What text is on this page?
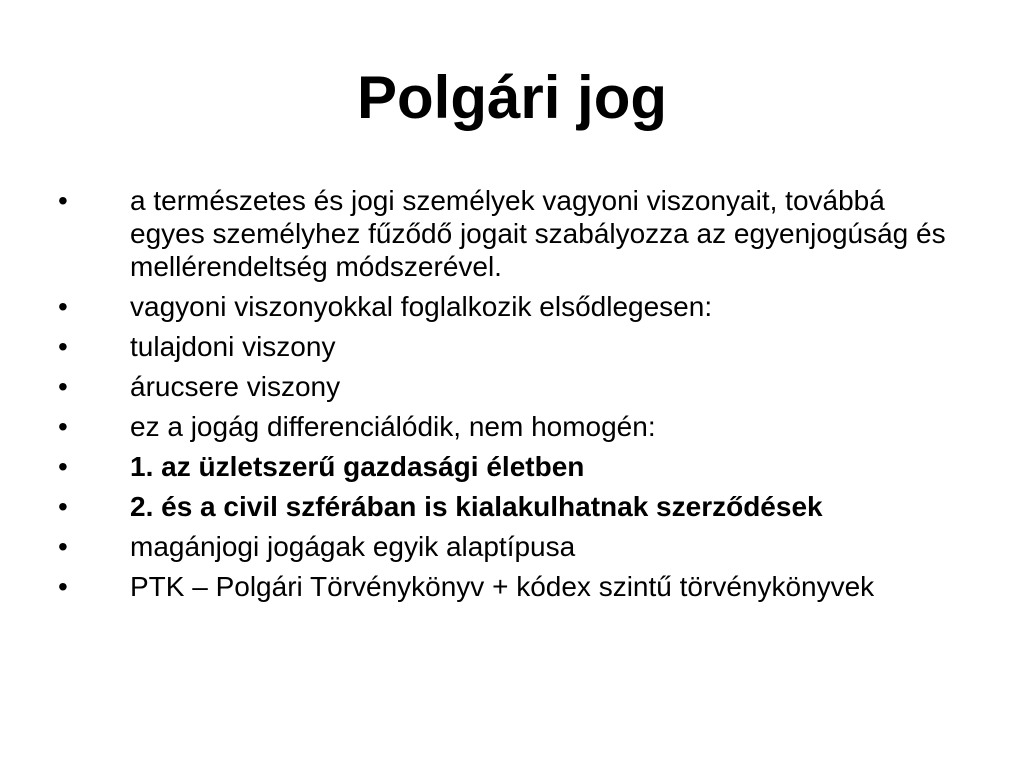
Polgári jog
•	a természetes és jogi személyek vagyoni viszonyait, továbbá egyes személyhez fűződő jogait szabályozza az egyenjogúság és mellérendeltség módszerével.
•	vagyoni viszonyokkal foglalkozik elsődlegesen:
•	tulajdoni viszony
•	árucsere viszony
•	ez a jogág differenciálódik, nem homogén:
•	1. az üzletszerű gazdasági életben
•	2. és a civil szférában is kialakulhatnak szerződések
•	magánjogi jogágak egyik alaptípusa
•	PTK – Polgári Törvénykönyv + kódex szintű törvénykönyvek
